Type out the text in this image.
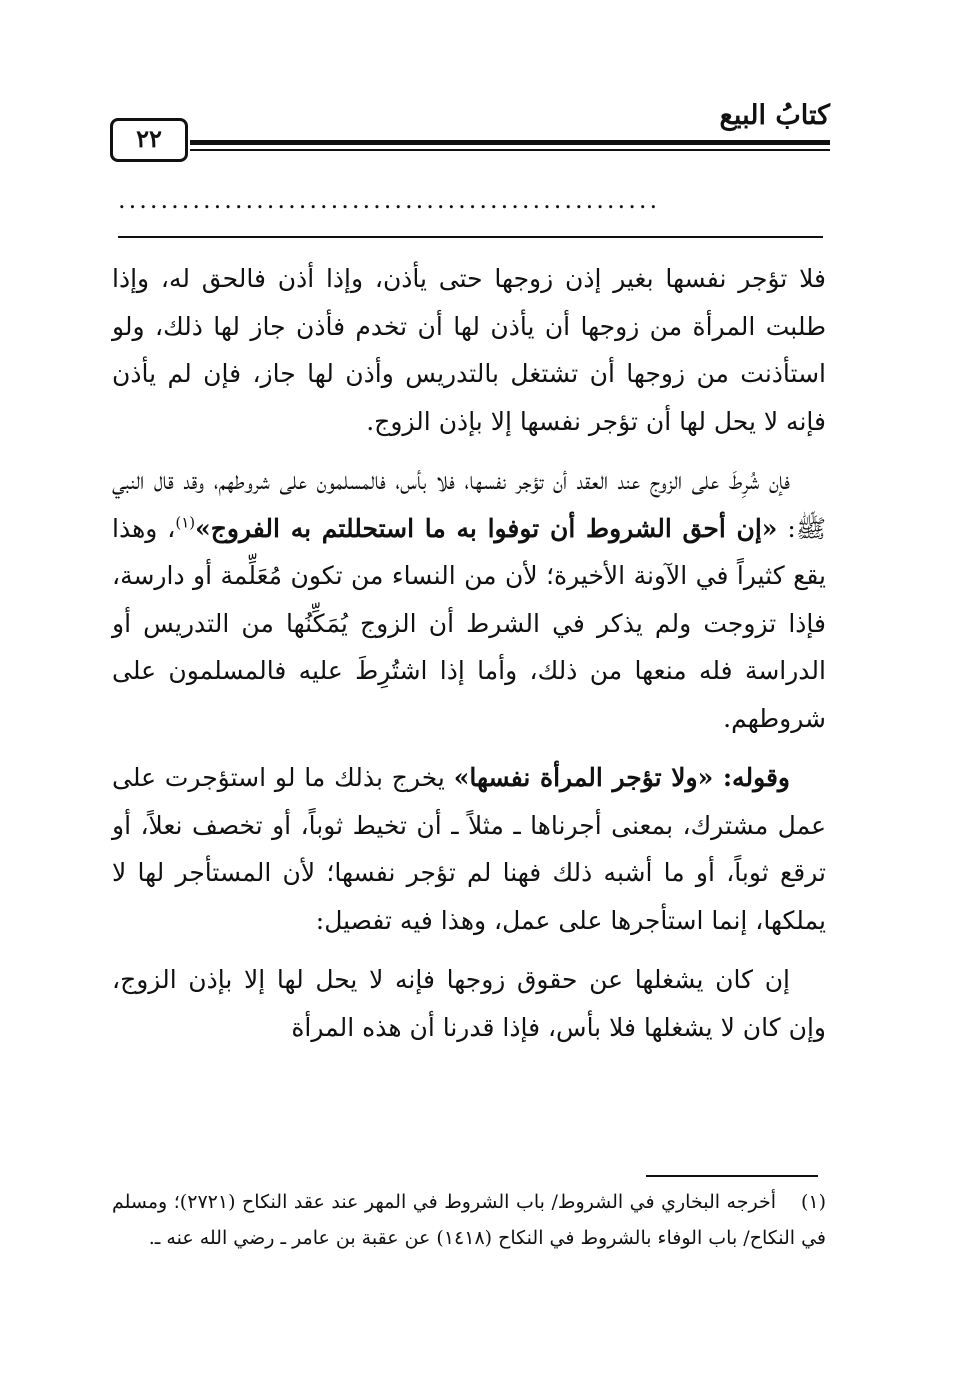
كتابُ البيع
٢٢
...................................................

فلا تؤجر نفسها بغير إذن زوجها حتى يأذن، وإذا أذن فالحق له، وإذا طلبت المرأة من زوجها أن يأذن لها أن تخدم فأذن جاز لها ذلك، ولو استأذنت من زوجها أن تشتغل بالتدريس وأذن لها جاز، فإن لم يأذن فإنه لا يحل لها أن تؤجر نفسها إلا بإذن الزوج.

فإن شُرِطَ على الزوج عند العقد أن تؤجر نفسها، فلا بأس، فالمسلمون على شروطهم، وقد قال النبي ﷺ: «إن أحق الشروط أن توفوا به ما استحللتم به الفروج»$^{(١)}$، وهذا يقع كثيراً في الآونة الأخيرة؛ لأن من النساء من تكون مُعَلِّمة أو دارسة، فإذا تزوجت ولم يذكر في الشرط أن الزوج يُمَكِّنُها من التدريس أو الدراسة فله منعها من ذلك، وأما إذا اشتُرِطَ عليه فالمسلمون على شروطهم.

وقوله: «ولا تؤجر المرأة نفسها» يخرج بذلك ما لو استؤجرت على عمل مشترك، بمعنى أجرناها ـ مثلاً ـ أن تخيط ثوباً، أو تخصف نعلاً، أو ترقع ثوباً، أو ما أشبه ذلك فهنا لم تؤجر نفسها؛ لأن المستأجر لها لا يملكها، إنما استأجرها على عمل، وهذا فيه تفصيل:

إن كان يشغلها عن حقوق زوجها فإنه لا يحل لها إلا بإذن الزوج، وإن كان لا يشغلها فلا بأس، فإذا قدرنا أن هذه المرأة

(١)أخرجه البخاري في الشروط/ باب الشروط في المهر عند عقد النكاح (٢٧٢١)؛ ومسلم في النكاح/ باب الوفاء بالشروط في النكاح (١٤١٨) عن عقبة بن عامر ـ رضي الله عنه ـ.
